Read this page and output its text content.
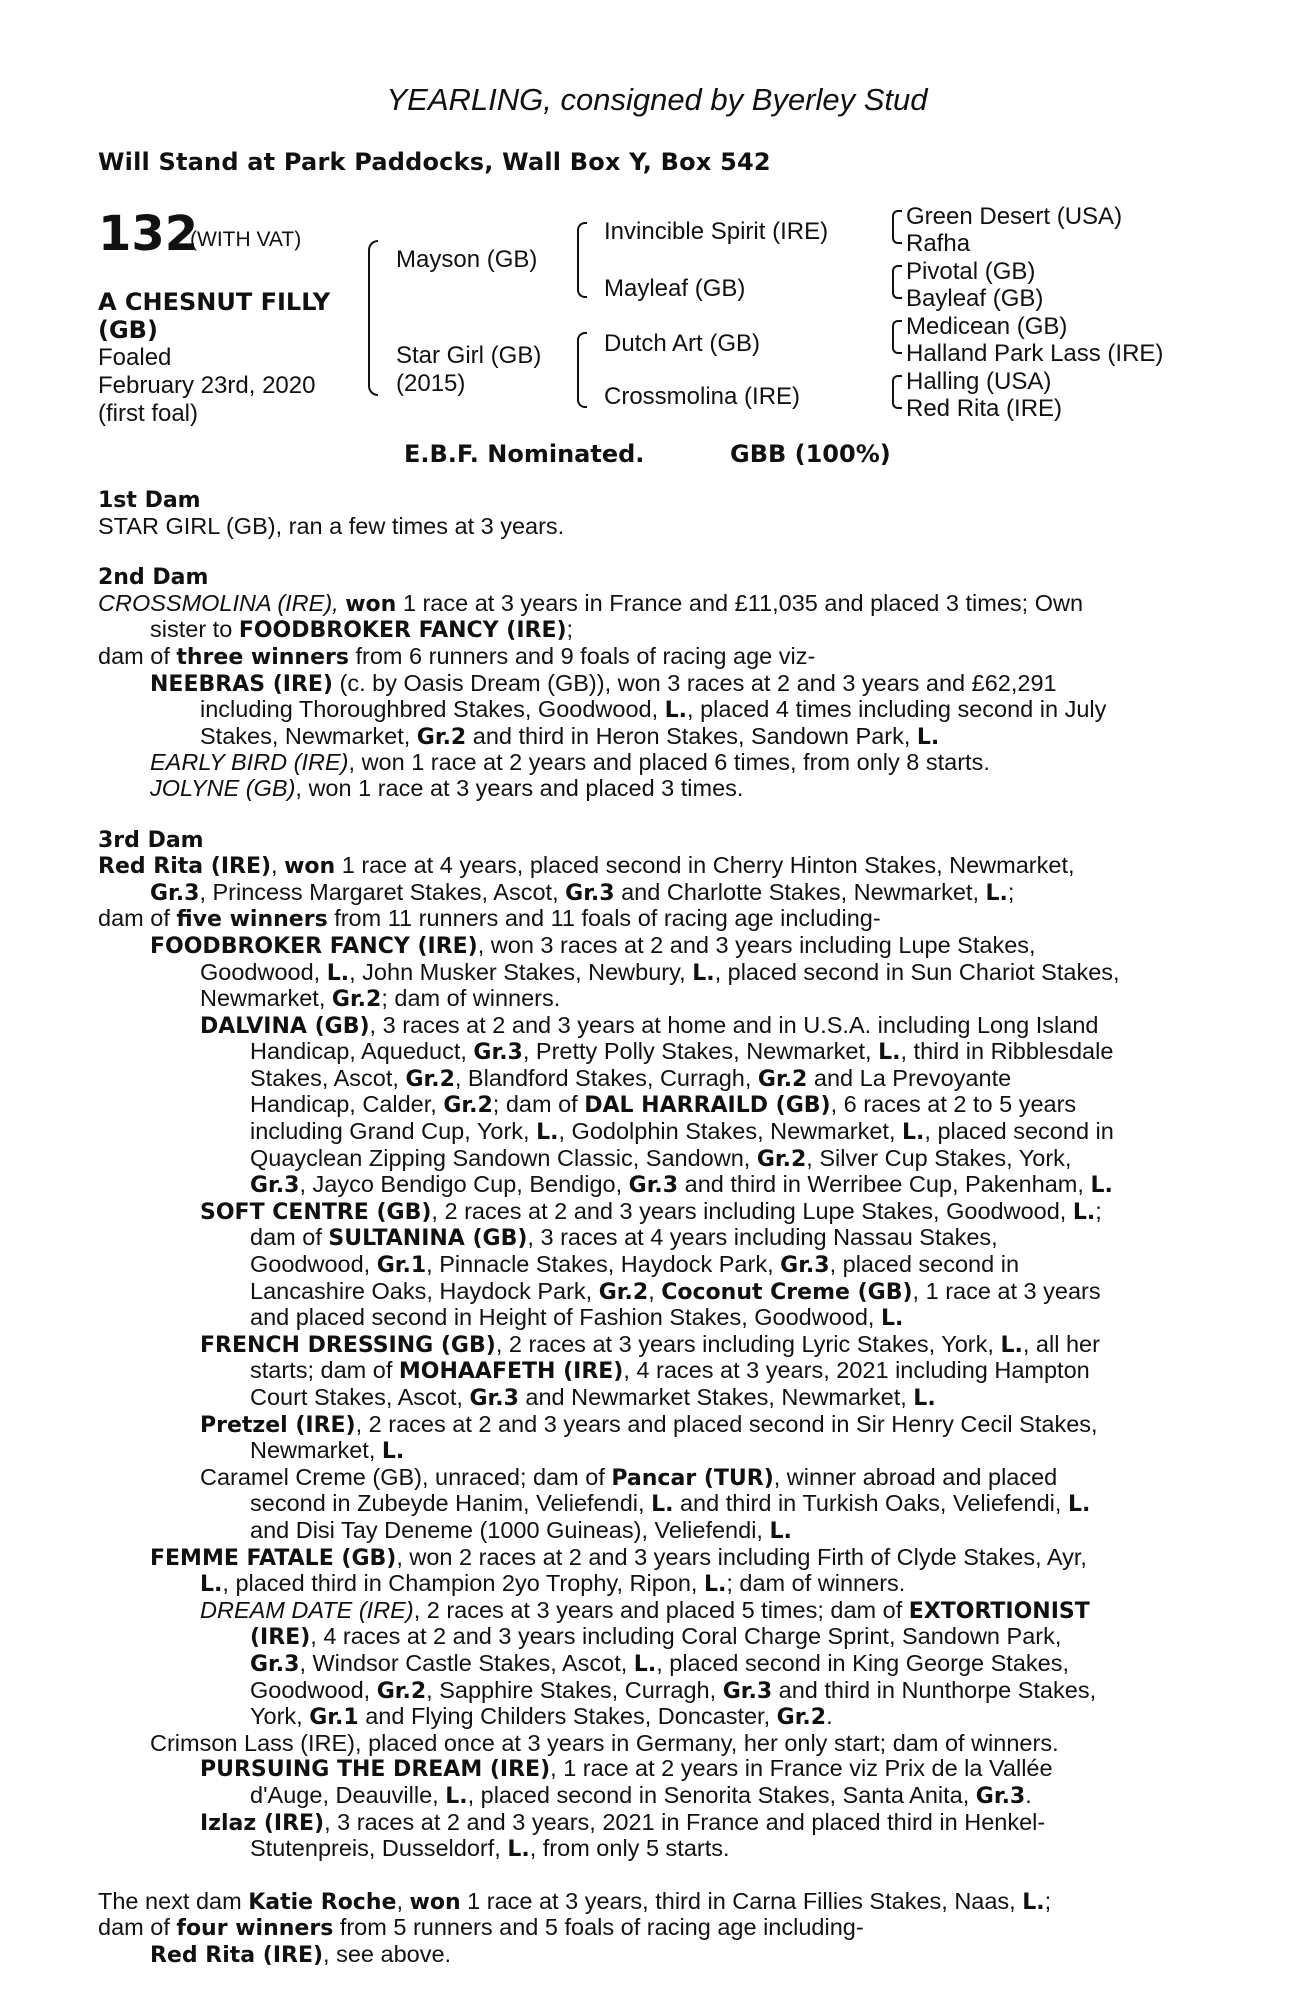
YEARLING, consigned by Byerley Stud
Will Stand at Park Paddocks, Wall Box Y, Box 542
132
(WITH VAT)
A CHESNUT FILLY
(GB)
Foaled
February 23rd, 2020
(first foal)
Mayson (GB)
Star Girl (GB)
(2015)
Invincible Spirit (IRE)
Mayleaf (GB)
Dutch Art (GB)
Crossmolina (IRE)
Green Desert (USA)
Rafha
Pivotal (GB)
Bayleaf (GB)
Medicean (GB)
Halland Park Lass (IRE)
Halling (USA)
Red Rita (IRE)
E.B.F. Nominated.	GBB (100%)

1st Dam

STAR GIRL (GB), ran a few times at 3 years.

2nd Dam

CROSSMOLINA (IRE), won 1 race at 3 years in France and £11,035 and placed 3 times; Own

sister to FOODBROKER FANCY (IRE);

dam of three winners from 6 runners and 9 foals of racing age viz-

NEEBRAS (IRE) (c. by Oasis Dream (GB)), won 3 races at 2 and 3 years and £62,291

including Thoroughbred Stakes, Goodwood, L., placed 4 times including second in July

Stakes, Newmarket, Gr.2 and third in Heron Stakes, Sandown Park, L.

EARLY BIRD (IRE), won 1 race at 2 years and placed 6 times, from only 8 starts.

JOLYNE (GB), won 1 race at 3 years and placed 3 times.

3rd Dam

Red Rita (IRE), won 1 race at 4 years, placed second in Cherry Hinton Stakes, Newmarket,

Gr.3, Princess Margaret Stakes, Ascot, Gr.3 and Charlotte Stakes, Newmarket, L.;

dam of five winners from 11 runners and 11 foals of racing age including-

FOODBROKER FANCY (IRE), won 3 races at 2 and 3 years including Lupe Stakes,

Goodwood, L., John Musker Stakes, Newbury, L., placed second in Sun Chariot Stakes,

Newmarket, Gr.2; dam of winners.

DALVINA (GB), 3 races at 2 and 3 years at home and in U.S.A. including Long Island

Handicap, Aqueduct, Gr.3, Pretty Polly Stakes, Newmarket, L., third in Ribblesdale

Stakes, Ascot, Gr.2, Blandford Stakes, Curragh, Gr.2 and La Prevoyante

Handicap, Calder, Gr.2; dam of DAL HARRAILD (GB), 6 races at 2 to 5 years

including Grand Cup, York, L., Godolphin Stakes, Newmarket, L., placed second in

Quayclean Zipping Sandown Classic, Sandown, Gr.2, Silver Cup Stakes, York,

Gr.3, Jayco Bendigo Cup, Bendigo, Gr.3 and third in Werribee Cup, Pakenham, L.

SOFT CENTRE (GB), 2 races at 2 and 3 years including Lupe Stakes, Goodwood, L.;

dam of SULTANINA (GB), 3 races at 4 years including Nassau Stakes,

Goodwood, Gr.1, Pinnacle Stakes, Haydock Park, Gr.3, placed second in

Lancashire Oaks, Haydock Park, Gr.2, Coconut Creme (GB), 1 race at 3 years

and placed second in Height of Fashion Stakes, Goodwood, L.

FRENCH DRESSING (GB), 2 races at 3 years including Lyric Stakes, York, L., all her

starts; dam of MOHAAFETH (IRE), 4 races at 3 years, 2021 including Hampton

Court Stakes, Ascot, Gr.3 and Newmarket Stakes, Newmarket, L.

Pretzel (IRE), 2 races at 2 and 3 years and placed second in Sir Henry Cecil Stakes,

Newmarket, L.

Caramel Creme (GB), unraced; dam of Pancar (TUR), winner abroad and placed

second in Zubeyde Hanim, Veliefendi, L. and third in Turkish Oaks, Veliefendi, L.

and Disi Tay Deneme (1000 Guineas), Veliefendi, L.

FEMME FATALE (GB), won 2 races at 2 and 3 years including Firth of Clyde Stakes, Ayr,

L., placed third in Champion 2yo Trophy, Ripon, L.; dam of winners.

DREAM DATE (IRE), 2 races at 3 years and placed 5 times; dam of EXTORTIONIST

(IRE), 4 races at 2 and 3 years including Coral Charge Sprint, Sandown Park,

Gr.3, Windsor Castle Stakes, Ascot, L., placed second in King George Stakes,

Goodwood, Gr.2, Sapphire Stakes, Curragh, Gr.3 and third in Nunthorpe Stakes,

York, Gr.1 and Flying Childers Stakes, Doncaster, Gr.2.

Crimson Lass (IRE), placed once at 3 years in Germany, her only start; dam of winners.

PURSUING THE DREAM (IRE), 1 race at 2 years in France viz Prix de la Vallée

d'Auge, Deauville, L., placed second in Senorita Stakes, Santa Anita, Gr.3.

Izlaz (IRE), 3 races at 2 and 3 years, 2021 in France and placed third in Henkel-

Stutenpreis, Dusseldorf, L., from only 5 starts.

The next dam Katie Roche, won 1 race at 3 years, third in Carna Fillies Stakes, Naas, L.;

dam of four winners from 5 runners and 5 foals of racing age including-

Red Rita (IRE), see above.
